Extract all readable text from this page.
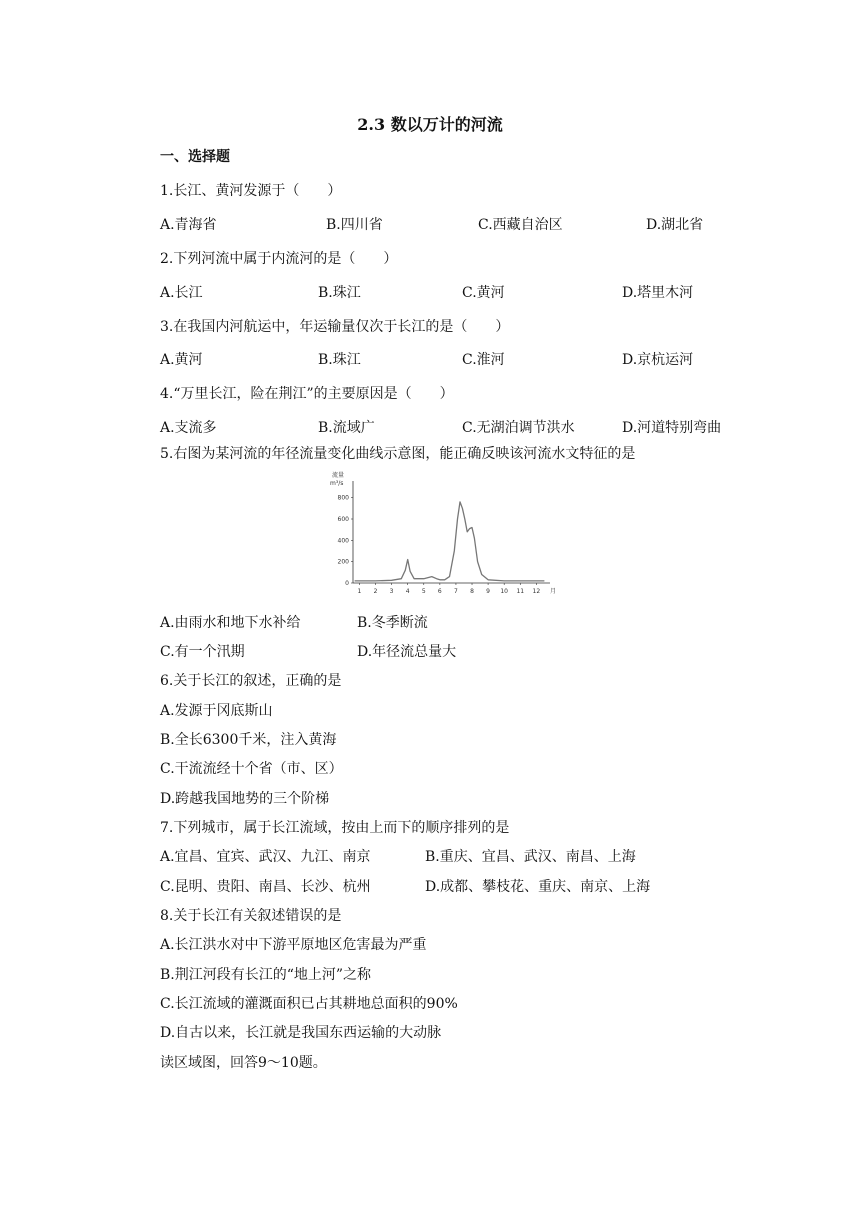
2.3 数以万计的河流
一、选择题
1.长江、黄河发源于（　　）
A.青海省	B.四川省	C.西藏自治区	D.湖北省
2.下列河流中属于内流河的是（　　）
A.长江	B.珠江	C.黄河	D.塔里木河
3.在我国内河航运中，年运输量仅次于长江的是（　　）
A.黄河	B.珠江	C.淮河	D.京杭运河
4.“万里长江，险在荆江”的主要原因是（　　）
A.支流多	B.流域广	C.无湖泊调节洪水	D.河道特别弯曲
5.右图为某河流的年径流量变化曲线示意图，能正确反映该河流水文特征的是
流量
m³/s
0
200
400
600
800
1 2 3 4 5 6 7 8 9 10 11 12 月
A.由雨水和地下水补给	B.冬季断流
C.有一个汛期	D.年径流总量大
6.关于长江的叙述，正确的是
A.发源于冈底斯山
B.全长6300千米，注入黄海
C.干流流经十个省（市、区）
D.跨越我国地势的三个阶梯
7.下列城市，属于长江流域，按由上而下的顺序排列的是
A.宜昌、宜宾、武汉、九江、南京	B.重庆、宜昌、武汉、南昌、上海
C.昆明、贵阳、南昌、长沙、杭州	D.成都、攀枝花、重庆、南京、上海
8.关于长江有关叙述错误的是
A.长江洪水对中下游平原地区危害最为严重
B.荆江河段有长江的“地上河”之称
C.长江流域的灌溉面积已占其耕地总面积的90%
D.自古以来，长江就是我国东西运输的大动脉
读区域图，回答9～10题。
